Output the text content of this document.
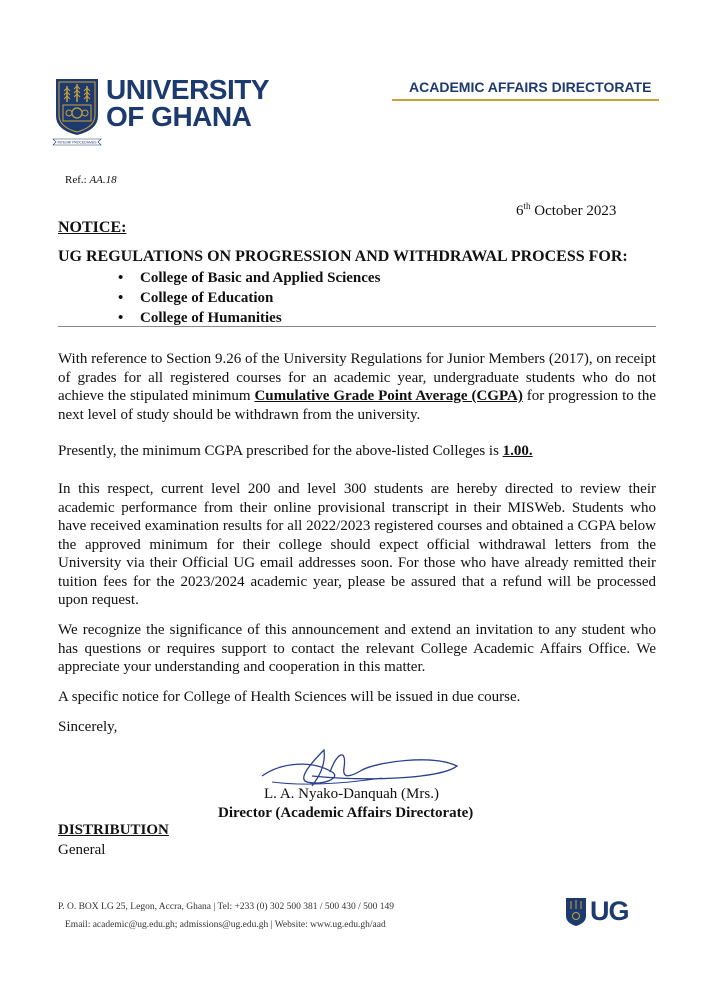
UNIVERSITY
OF GHANA
INTEGRI PROCEDAMUS
ACADEMIC AFFAIRS DIRECTORATE
Ref.: AA.18
6th October 2023
NOTICE:
UG REGULATIONS ON PROGRESSION AND WITHDRAWAL PROCESS FOR:
• College of Basic and Applied Sciences
• College of Education
• College of Humanities

With reference to Section 9.26 of the University Regulations for Junior Members (2017), on receipt of grades for all registered courses for an academic year, undergraduate students who do not achieve the stipulated minimum Cumulative Grade Point Average (CGPA) for progression to the next level of study should be withdrawn from the university.

Presently, the minimum CGPA prescribed for the above-listed Colleges is 1.00.

In this respect, current level 200 and level 300 students are hereby directed to review their academic performance from their online provisional transcript in their MISWeb. Students who have received examination results for all 2022/2023 registered courses and obtained a CGPA below the approved minimum for their college should expect official withdrawal letters from the University via their Official UG email addresses soon. For those who have already remitted their tuition fees for the 2023/2024 academic year, please be assured that a refund will be processed upon request.

We recognize the significance of this announcement and extend an invitation to any student who has questions or requires support to contact the relevant College Academic Affairs Office. We appreciate your understanding and cooperation in this matter.

A specific notice for College of Health Sciences will be issued in due course.

Sincerely,

L. A. Nyako-Danquah (Mrs.)
Director (Academic Affairs Directorate)
DISTRIBUTION
General
P. O. BOX LG 25, Legon, Accra, Ghana | Tel: +233 (0) 302 500 381 / 500 430 / 500 149
Email: academic@ug.edu.gh; admissions@ug.edu.gh | Website: www.ug.edu.gh/aad	UG
